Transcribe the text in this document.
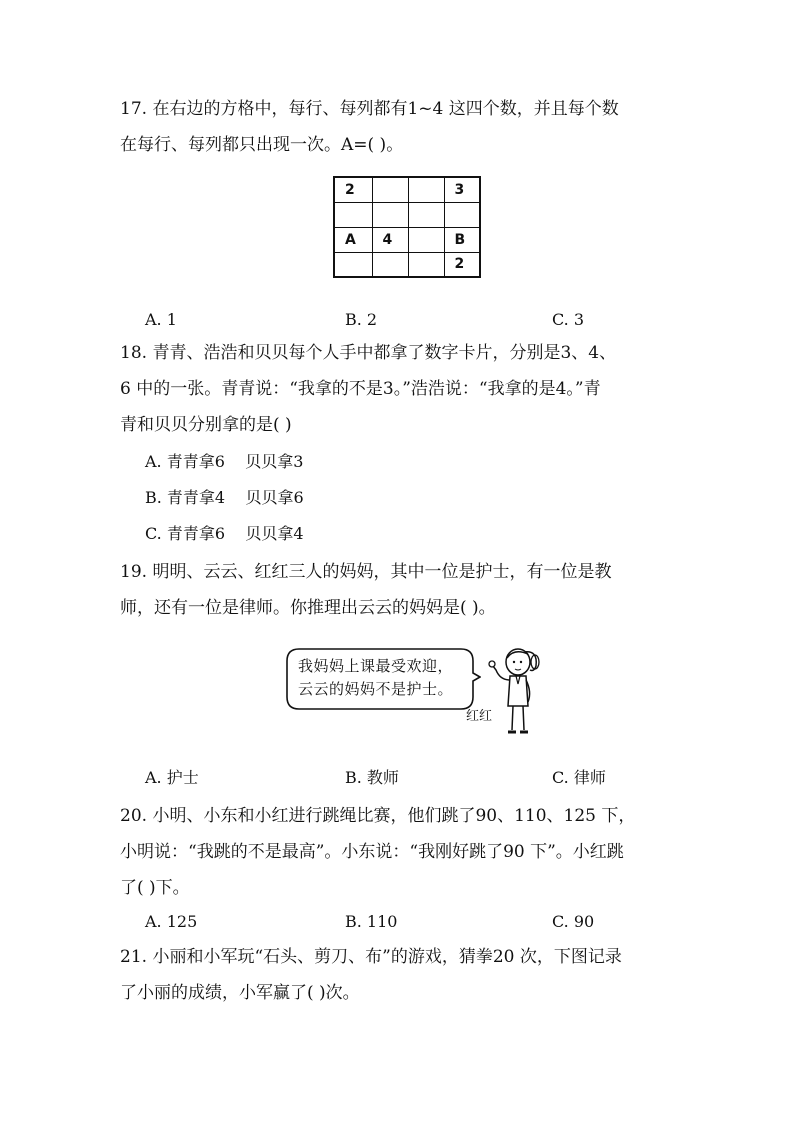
17. 在右边的方格中，每行、每列都有1~4 这四个数，并且每个数
在每行、每列都只出现一次。A=( )。
2			3

A	4		B
			2
A. 1	B. 2	C. 3
18. 青青、浩浩和贝贝每个人手中都拿了数字卡片，分别是3、4、
6 中的一张。青青说：“我拿的不是3。”浩浩说：“我拿的是4。”青
青和贝贝分别拿的是( )
A. 青青拿6    贝贝拿3
B. 青青拿4    贝贝拿6
C. 青青拿6    贝贝拿4
19. 明明、云云、红红三人的妈妈，其中一位是护士，有一位是教
师，还有一位是律师。你推理出云云的妈妈是( )。
我妈妈上课最受欢迎，
云云的妈妈不是护士。
红红
A. 护士	B. 教师	C. 律师
20. 小明、小东和小红进行跳绳比赛，他们跳了90、110、125 下，
小明说：“我跳的不是最高”。小东说：“我刚好跳了90 下”。小红跳
了( )下。
A. 125	B. 110	C. 90
21. 小丽和小军玩“石头、剪刀、布”的游戏，猜拳20 次，下图记录
了小丽的成绩，小军赢了( )次。
